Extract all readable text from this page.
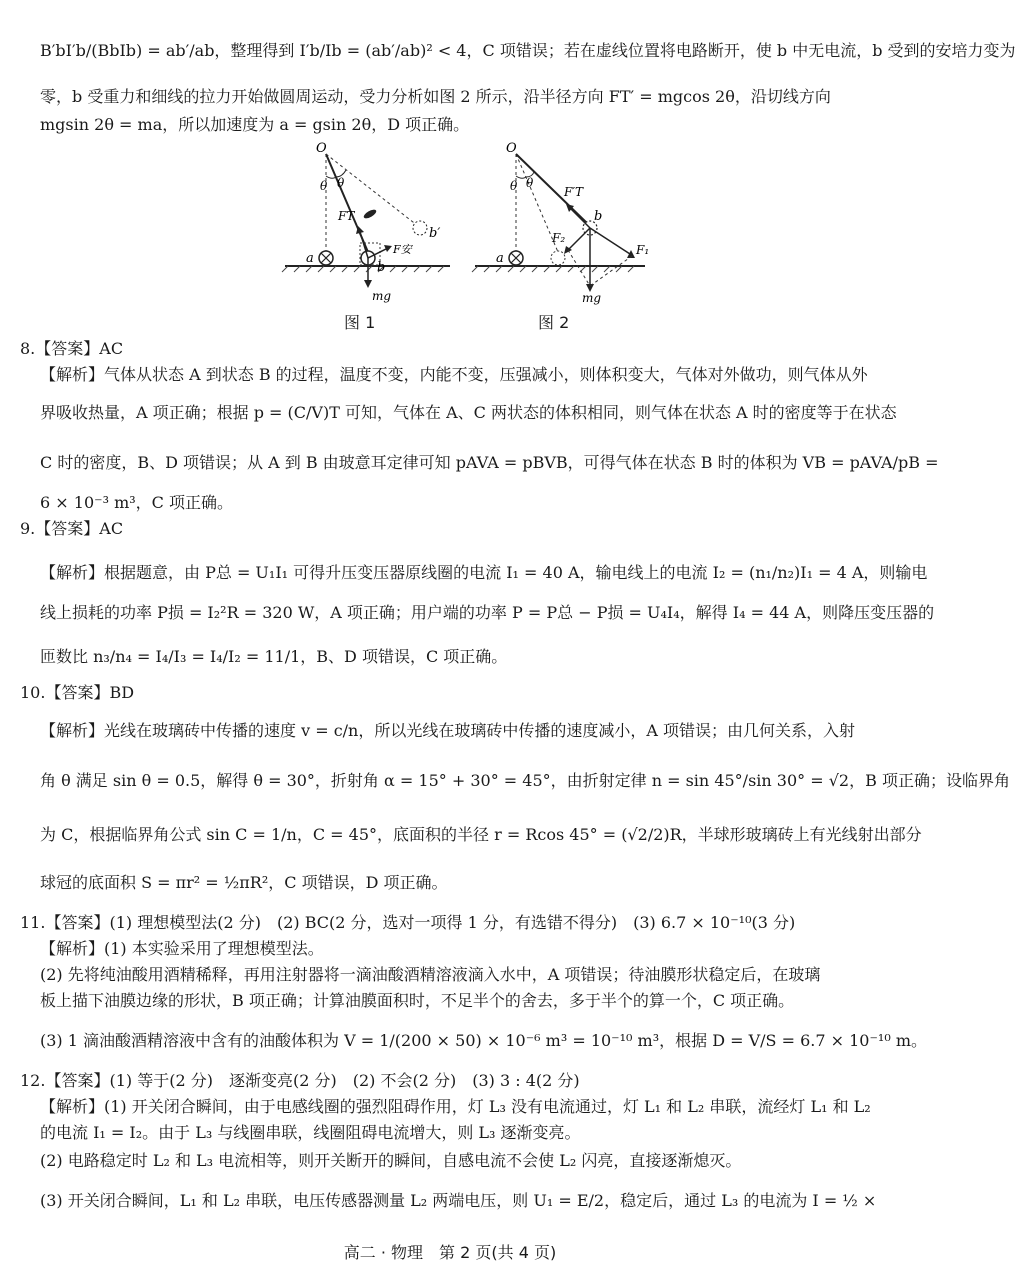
B′bI′b/(BbIb) = ab′/ab，整理得到 I′b/Ib = (ab′/ab)² < 4，C 项错误；若在虚线位置将电路断开，使 b 中无电流，b 受到的安培力变为
零，b 受重力和细线的拉力开始做圆周运动，受力分析如图 2 所示，沿半径方向 FT′ = mgcos 2θ，沿切线方向
mgsin 2θ = ma，所以加速度为 a = gsin 2θ，D 项正确。
O
θ θ
FT
F安
a
b
b′
mg
图 1
O
θ θ
F′T
b
F₂
F₁
a
mg
图 2
8.【答案】AC
【解析】气体从状态 A 到状态 B 的过程，温度不变，内能不变，压强减小，则体积变大，气体对外做功，则气体从外
界吸收热量，A 项正确；根据 p = (C/V)T 可知，气体在 A、C 两状态的体积相同，则气体在状态 A 时的密度等于在状态
C 时的密度，B、D 项错误；从 A 到 B 由玻意耳定律可知 pAVA = pBVB，可得气体在状态 B 时的体积为 VB = pAVA/pB =
6 × 10⁻³ m³，C 项正确。
9.【答案】AC
【解析】根据题意，由 P总 = U₁I₁ 可得升压变压器原线圈的电流 I₁ = 40 A，输电线上的电流 I₂ = (n₁/n₂)I₁ = 4 A，则输电
线上损耗的功率 P损 = I₂²R = 320 W，A 项正确；用户端的功率 P = P总 − P损 = U₄I₄，解得 I₄ = 44 A，则降压变压器的
匝数比 n₃/n₄ = I₄/I₃ = I₄/I₂ = 11/1，B、D 项错误，C 项正确。
10.【答案】BD
【解析】光线在玻璃砖中传播的速度 v = c/n，所以光线在玻璃砖中传播的速度减小，A 项错误；由几何关系，入射
角 θ 满足 sin θ = 0.5，解得 θ = 30°，折射角 α = 15° + 30° = 45°，由折射定律 n = sin 45°/sin 30° = √2，B 项正确；设临界角
为 C，根据临界角公式 sin C = 1/n，C = 45°，底面积的半径 r = Rcos 45° = (√2/2)R，半球形玻璃砖上有光线射出部分
球冠的底面积 S = πr² = ½πR²，C 项错误，D 项正确。
11.【答案】(1) 理想模型法(2 分)　(2) BC(2 分，选对一项得 1 分，有选错不得分)　(3) 6.7 × 10⁻¹⁰(3 分)
【解析】(1) 本实验采用了理想模型法。
(2) 先将纯油酸用酒精稀释，再用注射器将一滴油酸酒精溶液滴入水中，A 项错误；待油膜形状稳定后，在玻璃
板上描下油膜边缘的形状，B 项正确；计算油膜面积时，不足半个的舍去，多于半个的算一个，C 项正确。
(3) 1 滴油酸酒精溶液中含有的油酸体积为 V = 1/(200 × 50) × 10⁻⁶ m³ = 10⁻¹⁰ m³，根据 D = V/S = 6.7 × 10⁻¹⁰ m。
12.【答案】(1) 等于(2 分)　逐渐变亮(2 分)　(2) 不会(2 分)　(3) 3 : 4(2 分)
【解析】(1) 开关闭合瞬间，由于电感线圈的强烈阻碍作用，灯 L₃ 没有电流通过，灯 L₁ 和 L₂ 串联，流经灯 L₁ 和 L₂
的电流 I₁ = I₂。由于 L₃ 与线圈串联，线圈阻碍电流增大，则 L₃ 逐渐变亮。
(2) 电路稳定时 L₂ 和 L₃ 电流相等，则开关断开的瞬间，自感电流不会使 L₂ 闪亮，直接逐渐熄灭。
(3) 开关闭合瞬间，L₁ 和 L₂ 串联，电压传感器测量 L₂ 两端电压，则 U₁ = E/2，稳定后，通过 L₃ 的电流为 I = ½ ×
高二 · 物理　第 2 页(共 4 页)
